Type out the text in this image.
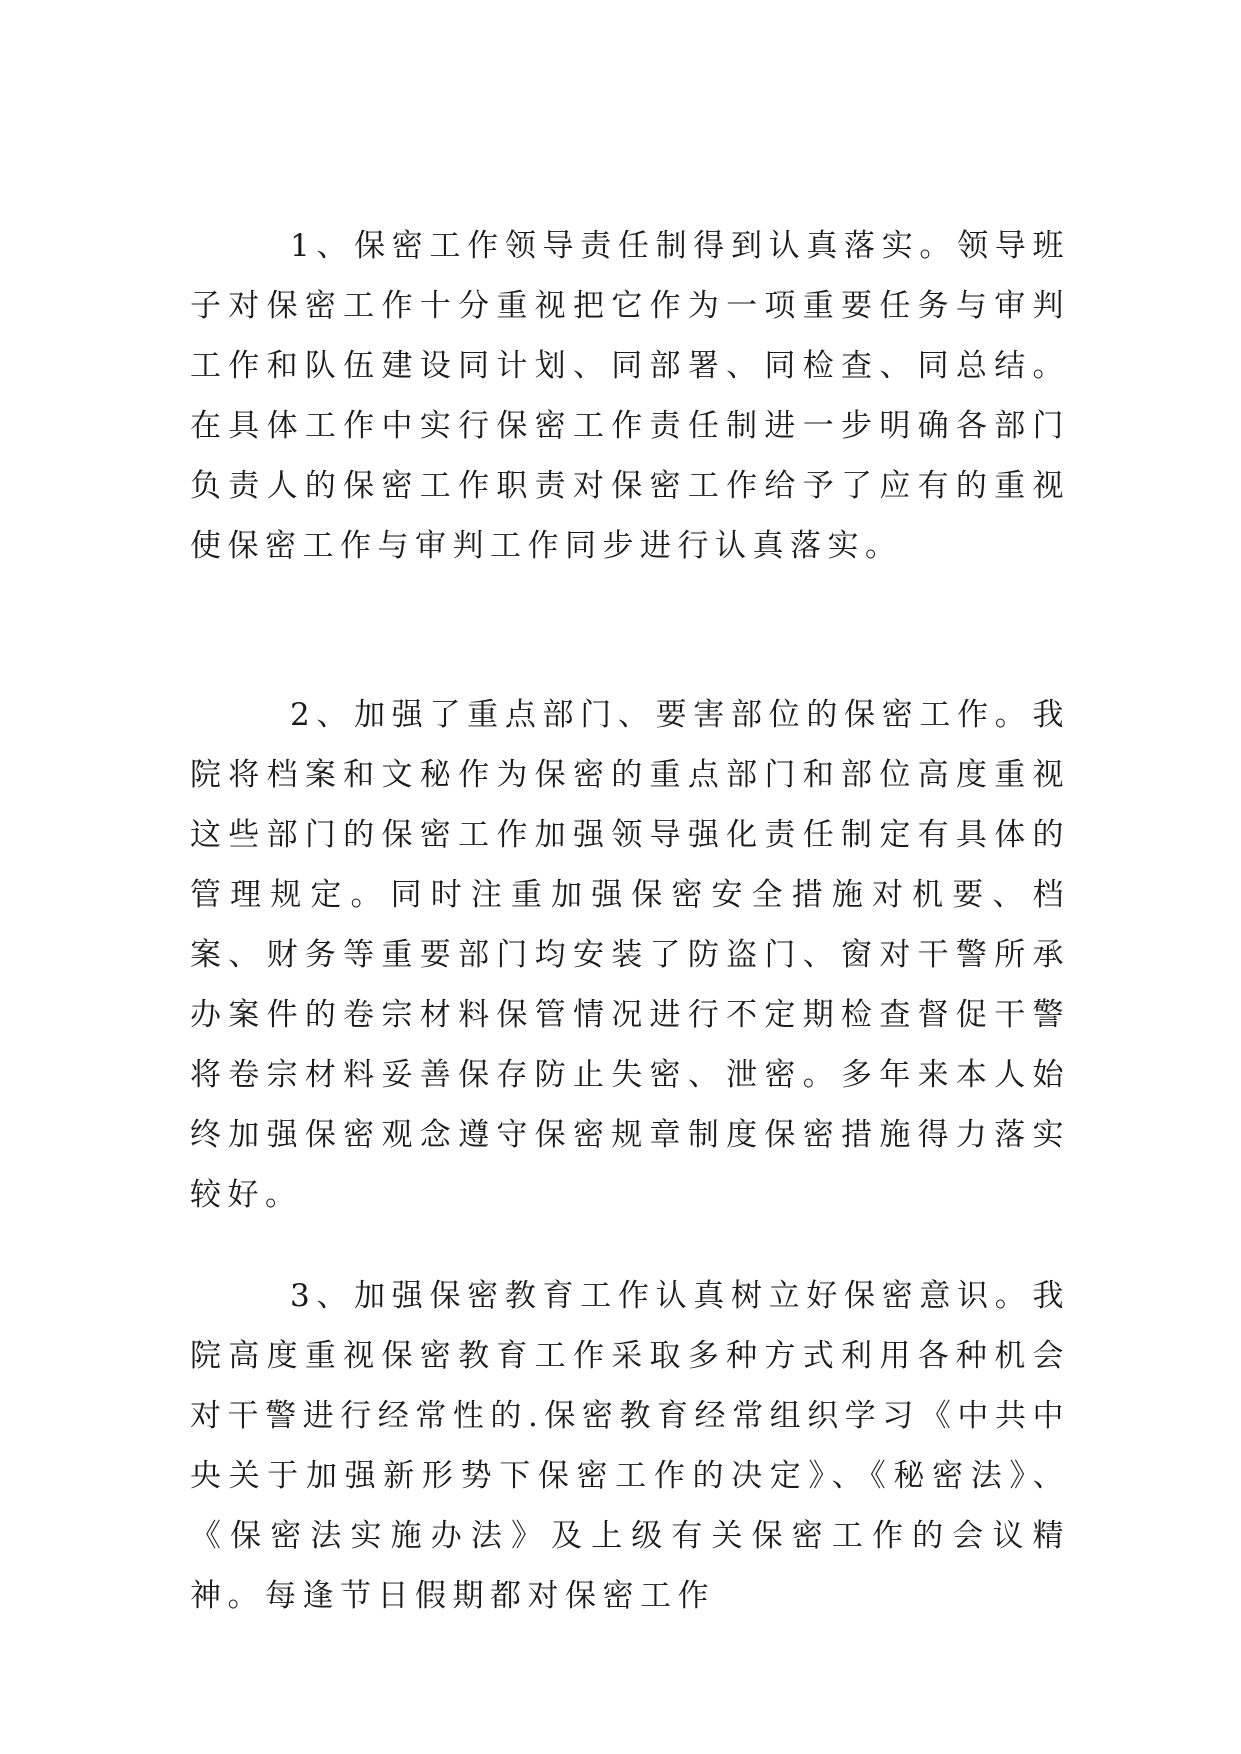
1、保密工作领导责任制得到认真落实。领导班子对保密工作十分重视把它作为一项重要任务与审判工作和队伍建设同计划、同部署、同检查、同总结。在具体工作中实行保密工作责任制进一步明确各部门负责人的保密工作职责对保密工作给予了应有的重视使保密工作与审判工作同步进行认真落实。

2、加强了重点部门、要害部位的保密工作。我院将档案和文秘作为保密的重点部门和部位高度重视这些部门的保密工作加强领导强化责任制定有具体的管理规定。同时注重加强保密安全措施对机要、档案、财务等重要部门均安装了防盗门、窗对干警所承办案件的卷宗材料保管情况进行不定期检查督促干警将卷宗材料妥善保存防止失密、泄密。多年来本人始终加强保密观念遵守保密规章制度保密措施得力落实较好。

3、加强保密教育工作认真树立好保密意识。我院高度重视保密教育工作采取多种方式利用各种机会对干警进行经常性的.保密教育经常组织学习《中共中央关于加强新形势下保密工作的决定》、《秘密法》、《保密法实施办法》及上级有关保密工作的会议精神。每逢节日假期都对保密工作
